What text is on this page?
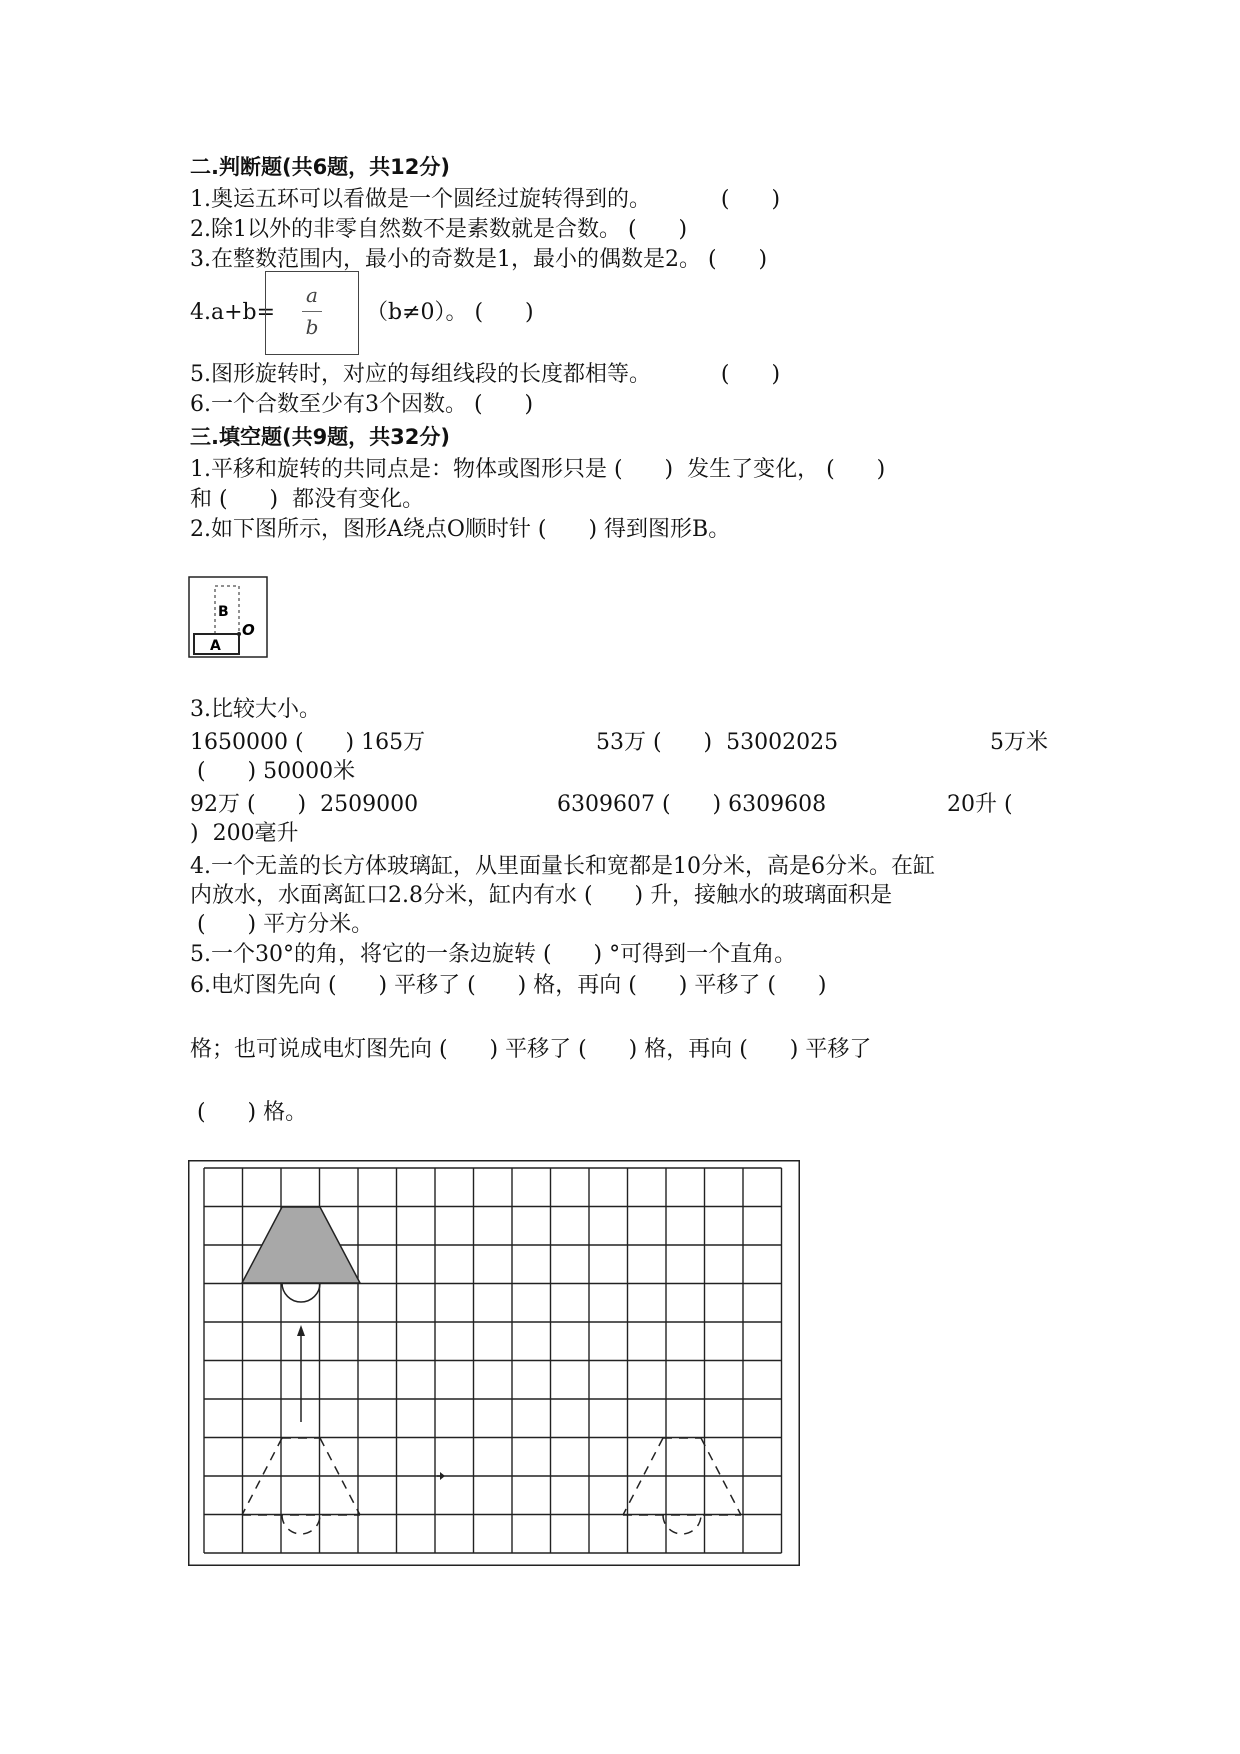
二.判断题(共6题，共12分)
1.奥运五环可以看做是一个圆经过旋转得到的。          (      )
2.除1以外的非零自然数不是素数就是合数。 (      )
3.在整数范围内，最小的奇数是1，最小的偶数是2。 (      )
4.a+b=
a
b
（b≠0）。 (      )
5.图形旋转时，对应的每组线段的长度都相等。          (      )
6.一个合数至少有3个因数。 (      )
三.填空题(共9题，共32分)
1.平移和旋转的共同点是：物体或图形只是 (      )  发生了变化， (      )
和 (      )  都没有变化。
2.如下图所示，图形A绕点O顺时针 (      ) 得到图形B。
B
A
O
3.比较大小。
1650000 (      ) 165万	53万 (      )  53002025	5万米
(      ) 50000米
92万 (      )  2509000	6309607 (      ) 6309608	20升 (
)  200毫升
4.一个无盖的长方体玻璃缸，从里面量长和宽都是10分米，高是6分米。在缸
内放水，水面离缸口2.8分米，缸内有水 (      ) 升，接触水的玻璃面积是
(      ) 平方分米。
5.一个30°的角，将它的一条边旋转 (      ) °可得到一个直角。
6.电灯图先向 (      ) 平移了 (      ) 格，再向 (      ) 平移了 (      )
格；也可说成电灯图先向 (      ) 平移了 (      ) 格，再向 (      ) 平移了
(      ) 格。
